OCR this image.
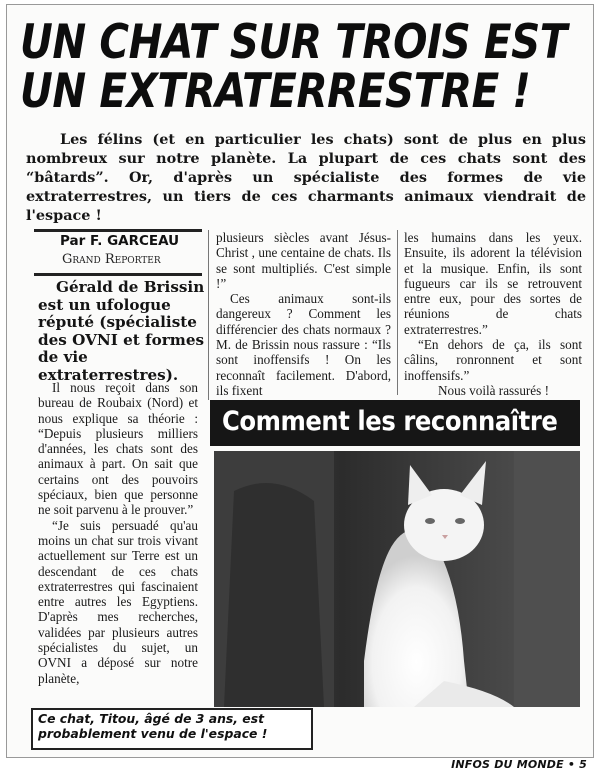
UN CHAT SUR TROIS EST
UN EXTRATERRESTRE !

Les félins (et en particulier les chats) sont de plus en plus nombreux sur notre planète. La plupart de ces chats sont des “bâtards”. Or, d'après un spécialiste des formes de vie extraterrestres, un tiers de ces charmants animaux viendrait de l'espace !

Par F. GARCEAU
Grand Reporter

Gérald de Brissin est un ufologue réputé (spécialiste des OVNI et formes de vie extraterrestres).

Il nous reçoit dans son bureau de Roubaix (Nord) et nous explique sa théorie : “Depuis plusieurs milliers d'années, les chats sont des animaux à part. On sait que certains ont des pouvoirs spéciaux, bien que personne ne soit parvenu à le prouver.”

“Je suis persuadé qu'au moins un chat sur trois vivant actuellement sur Terre est un descendant de ces chats extraterrestres qui fascinaient entre autres les Egyptiens. D'après mes recherches, validées par plusieurs autres spécialistes du sujet, un OVNI a déposé sur notre planète,

plusieurs siècles avant Jésus-Christ , une centaine de chats. Ils se sont multipliés. C'est simple !”

Ces animaux sont-ils dangereux ? Comment les différencier des chats normaux ? M. de Brissin nous rassure : “Ils sont inoffensifs ! On les reconnaît facilement. D'abord, ils fixent

les humains dans les yeux. Ensuite, ils adorent la télévision et la musique. Enfin, ils sont fugueurs car ils se retrouvent entre eux, pour des sortes de réunions de chats extraterrestres.”

“En dehors de ça, ils sont câlins, ronronnent et sont inoffensifs.”

Nous voilà rassurés !

Comment les reconnaître
Ce chat, Titou, âgé de 3 ans, est probablement venu de l'espace !
INFOS DU MONDE • 5
